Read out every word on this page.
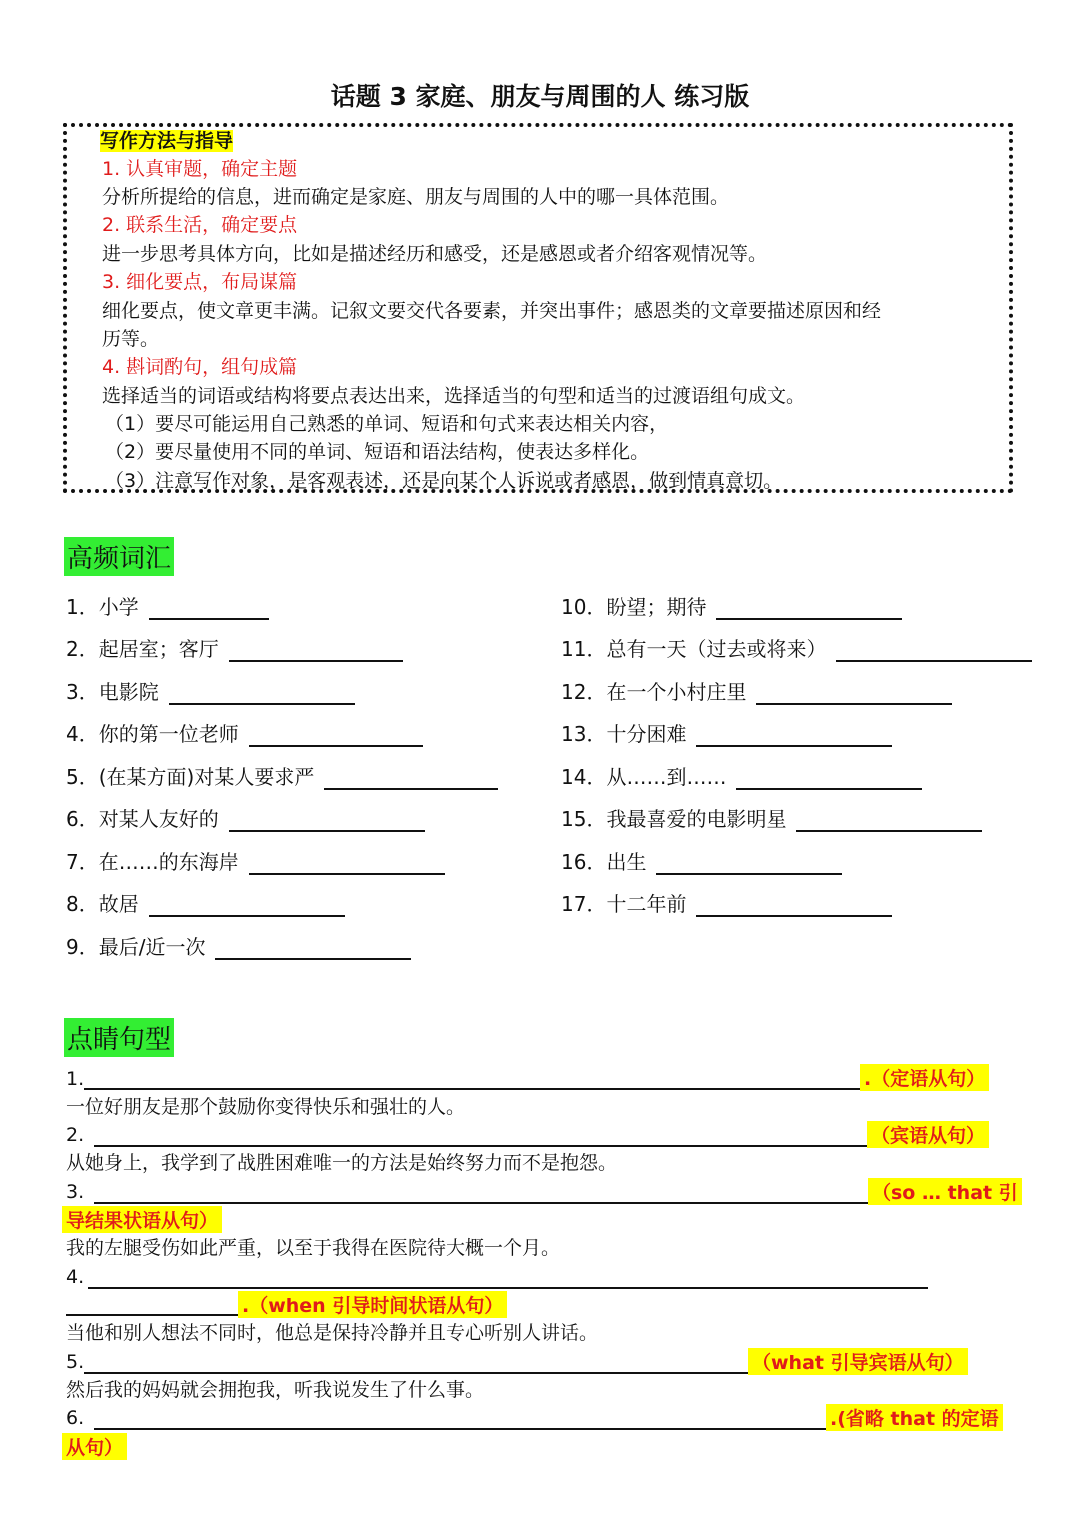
话题 3 家庭、朋友与周围的人 练习版
写作方法与指导
1. 认真审题，确定主题
分析所提给的信息，进而确定是家庭、朋友与周围的人中的哪一具体范围。
2. 联系生活，确定要点
进一步思考具体方向，比如是描述经历和感受，还是感恩或者介绍客观情况等。
3. 细化要点，布局谋篇
细化要点，使文章更丰满。记叙文要交代各要素，并突出事件；感恩类的文章要描述原因和经
历等。
4. 斟词酌句，组句成篇
选择适当的词语或结构将要点表达出来，选择适当的句型和适当的过渡语组句成文。
（1）要尽可能运用自己熟悉的单词、短语和句式来表达相关内容，
（2）要尽量使用不同的单词、短语和语法结构，使表达多样化。
（3）注意写作对象，是客观表述，还是向某个人诉说或者感恩，做到情真意切。
高频词汇
1．小学
2．起居室；客厅
3．电影院
4．你的第一位老师
5．(在某方面)对某人要求严
6．对某人友好的
7．在……的东海岸
8．故居
9．最后/近一次
10．盼望；期待
11．总有一天（过去或将来）
12．在一个小村庄里
13．十分困难
14．从……到……
15．我最喜爱的电影明星
16．出生
17．十二年前
点睛句型
1.	.（定语从句）
一位好朋友是那个鼓励你变得快乐和强壮的人。
2.	（宾语从句）
从她身上，我学到了战胜困难唯一的方法是始终努力而不是抱怨。
3.	（so … that 引
导结果状语从句）
我的左腿受伤如此严重，以至于我得在医院待大概一个月。
4.
.（when 引导时间状语从句）
当他和别人想法不同时，他总是保持冷静并且专心听别人讲话。
5.	（what 引导宾语从句）
然后我的妈妈就会拥抱我，听我说发生了什么事。
6.	.(省略 that 的定语
从句）
